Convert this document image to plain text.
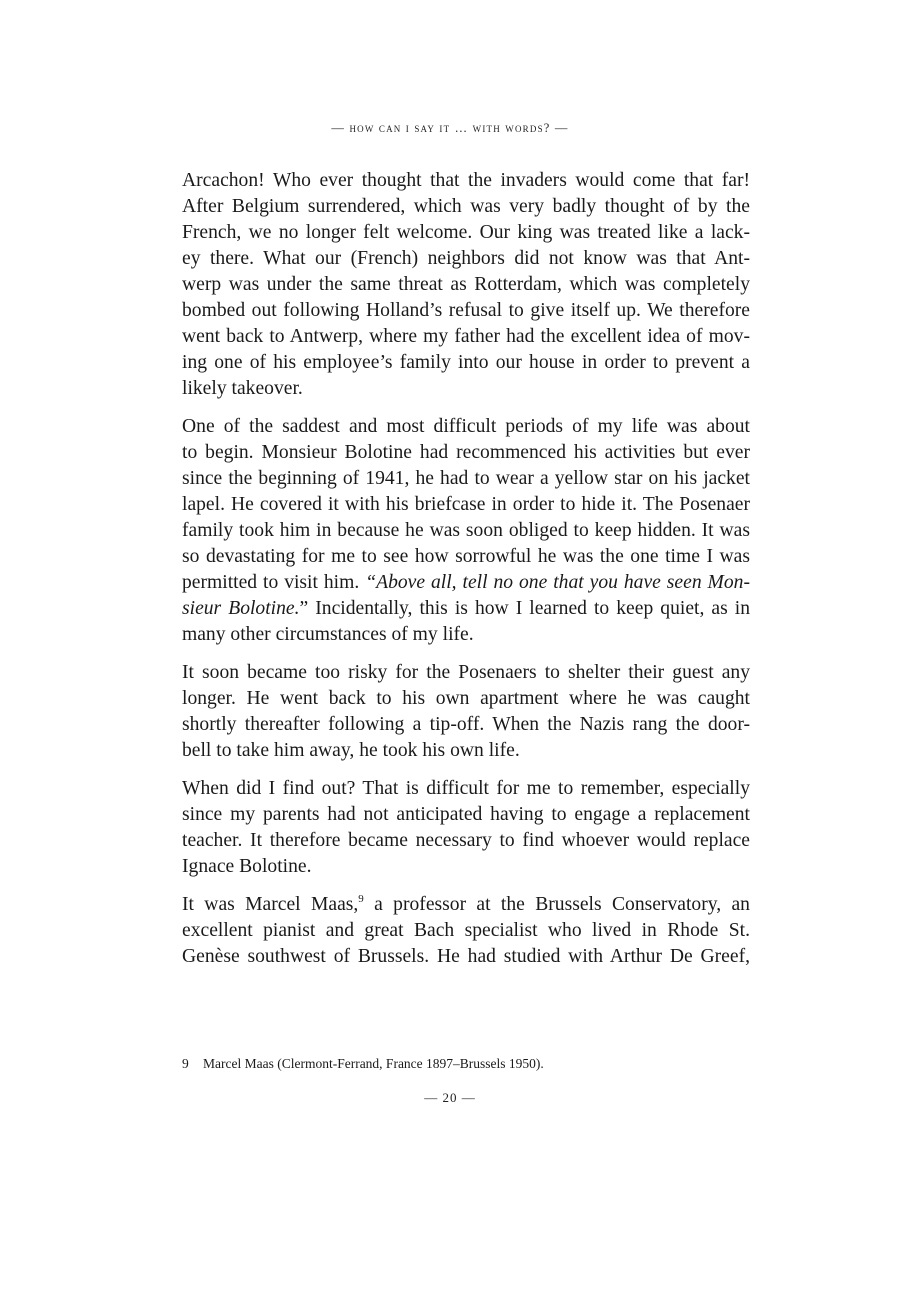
— how can i say it … with words? —
Arcachon! Who ever thought that the invaders would come that far!
After Belgium surrendered, which was very badly thought of by the
French, we no longer felt welcome. Our king was treated like a lack-
ey there. What our (French) neighbors did not know was that Ant-
werp was under the same threat as Rotterdam, which was completely
bombed out following Holland’s refusal to give itself up. We therefore
went back to Antwerp, where my father had the excellent idea of mov-
ing one of his employee’s family into our house in order to prevent a
likely takeover.
One of the saddest and most difficult periods of my life was about
to begin. Monsieur Bolotine had recommenced his activities but ever
since the beginning of 1941, he had to wear a yellow star on his jacket
lapel. He covered it with his briefcase in order to hide it. The Posenaer
family took him in because he was soon obliged to keep hidden. It was
so devastating for me to see how sorrowful he was the one time I was
permitted to visit him. “Above all, tell no one that you have seen Mon-
sieur Bolotine.” Incidentally, this is how I learned to keep quiet, as in
many other circumstances of my life.
It soon became too risky for the Posenaers to shelter their guest any
longer. He went back to his own apartment where he was caught
shortly thereafter following a tip-off. When the Nazis rang the door-
bell to take him away, he took his own life.
When did I find out? That is difficult for me to remember, especially
since my parents had not anticipated having to engage a replacement
teacher. It therefore became necessary to find whoever would replace
Ignace Bolotine.
It was Marcel Maas,$^9$ a professor at the Brussels Conservatory, an
excellent pianist and great Bach specialist who lived in Rhode St.
Genèse southwest of Brussels. He had studied with Arthur De Greef,
9 Marcel Maas (Clermont-Ferrand, France 1897–Brussels 1950).
— 20 —
